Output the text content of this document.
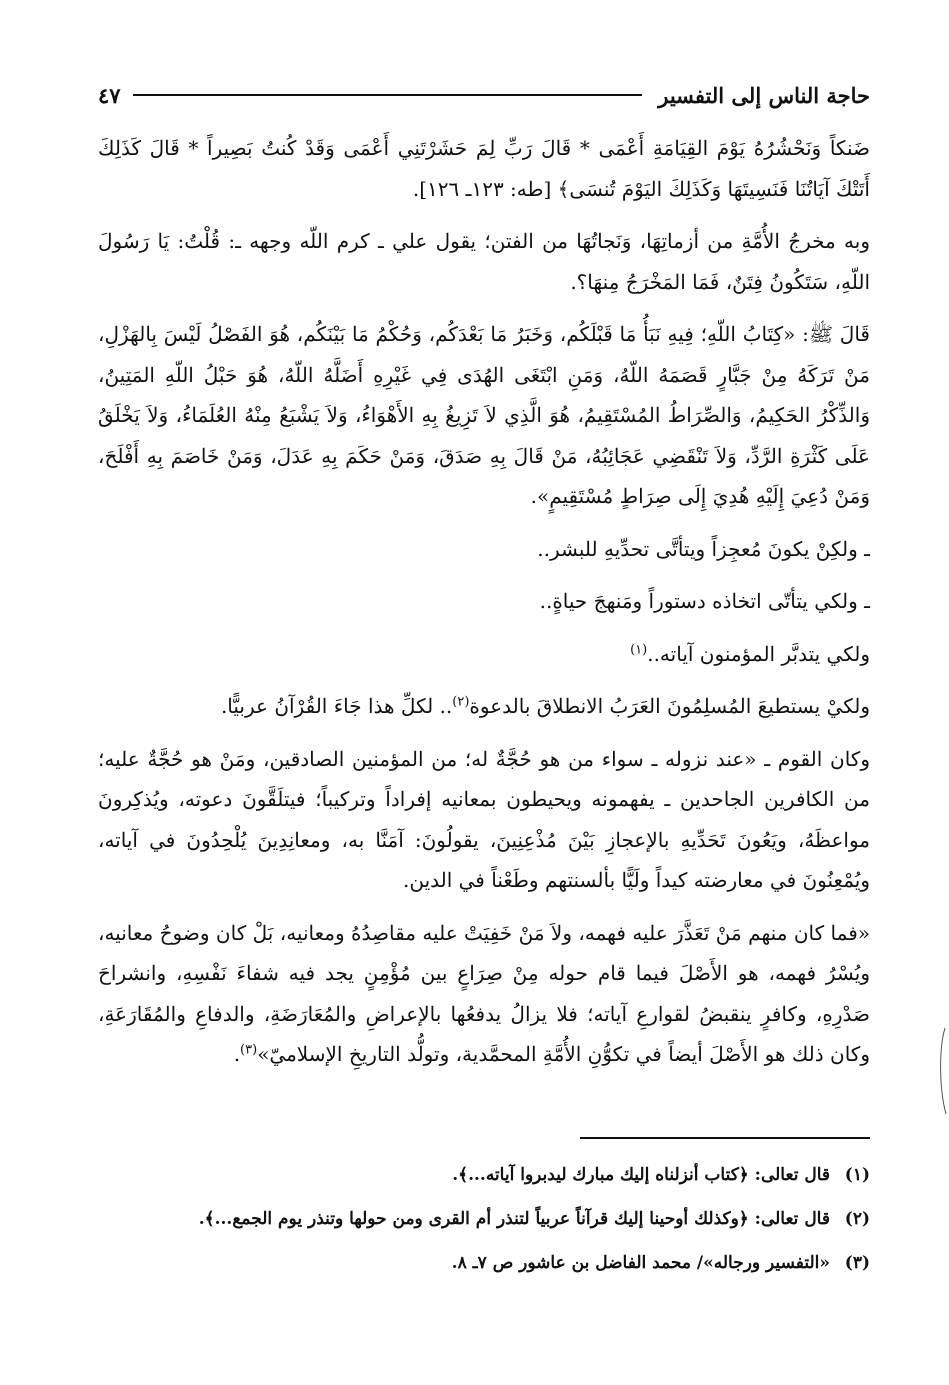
حاجة الناس إلى التفسير
٤٧

ضَنكاً وَنَحْشُرُهُ يَوْمَ القِيَامَةِ أَعْمَى * قَالَ رَبِّ لِمَ حَشَرْتَنِي أَعْمَى وَقَدْ كُنتُ بَصِيراً * قَالَ كَذَلِكَ أَتَتْكَ آيَاتُنَا فَنَسِيتَهَا وَكَذَلِكَ اليَوْمَ تُنسَى﴾ [طه: ١٢٣ـ ١٢٦].

وبه مخرجُ الأُمَّةِ من أزماتِهَا، وَنَجاتُهَا من الفتن؛ يقول علي ـ كرم اللّه وجهه ـ: قُلْتُ: يَا رَسُولَ اللّهِ، سَتَكُونُ فِتَنٌ، فَمَا المَخْرَجُ مِنهَا؟.

قَالَ ﷺ: «كِتَابُ اللّهِ؛ فِيهِ نَبَأُ مَا قَبْلَكُم، وَخَبَرُ مَا بَعْدَكُم، وَحُكْمُ مَا بَيْنَكُم، هُوَ الفَصْلُ لَيْسَ بِالهَزْلِ، مَنْ تَرَكَهُ مِنْ جَبَّارٍ قَصَمَهُ اللّهُ، وَمَنِ ابْتَغَى الهُدَى فِي غَيْرِهِ أَضَلَّهُ اللّهُ، هُوَ حَبْلُ اللّهِ المَتِينُ، وَالذِّكْرُ الحَكِيمُ، وَالصِّرَاطُ المُسْتَقِيمُ، هُوَ الَّذِي لاَ تَزِيغُ بِهِ الأَهْوَاءُ، وَلاَ يَشْبَعُ مِنْهُ العُلَمَاءُ، وَلاَ يَخْلَقُ عَلَى كَثْرَةِ الرَّدِّ، وَلاَ تَنْقَضِي عَجَائِبُهُ، مَنْ قَالَ بِهِ صَدَقَ، وَمَنْ حَكَمَ بِهِ عَدَلَ، وَمَنْ خَاصَمَ بِهِ أَفْلَحَ، وَمَنْ دُعِيَ إِلَيْهِ هُدِيَ إِلَى صِرَاطٍ مُسْتَقِيمٍ».

ـ ولكِنْ يكونَ مُعجِزاً ويتأتَّى تحدِّيهِ للبشر..

ـ ولكي يتأتّى اتخاذه دستوراً ومَنهجَ حياةٍ..

ولكي يتدبَّر المؤمنون آياته..$^{(١)}$

ولكيْ يستطيعَ المُسلِمُونَ العَرَبُ الانطلاقَ بالدعوة$^{(٢)}$.. لكلِّ هذا جَاءَ القُرْآنُ عربيًّا.

وكان القوم ـ «عند نزوله ـ سواء من هو حُجَّةٌ له؛ من المؤمنين الصادقين، ومَنْ هو حُجَّةٌ عليه؛ من الكافرين الجاحدين ـ يفهمونه ويحيطون بمعانيه إفراداً وتركيباً؛ فيتلَقَّونَ دعوته، ويُذكِرونَ مواعظَهُ، ويَعُونَ تَحَدِّيهِ بالإعجازِ بَيْنَ مُذْعِنِينَ، يقولُونَ: آمَنَّا به، ومعانِدِينَ يُلْحِدُونَ في آياته، ويُمْعِنُونَ في معارضته كيداً ولَيًّا بألسنتهم وطَعْناً في الدين.

«فما كان منهم مَنْ تَعَذَّرَ عليه فهمه، ولاَ مَنْ خَفِيَتْ عليه مقاصِدُهُ ومعانيه، بَلْ كان وضوحُ معانيه، ويُسْرُ فهمه، هو الأَصْلَ فيما قام حوله مِنْ صِرَاعٍ بين مُؤْمِنٍ يجد فيه شفاءَ نَفْسِهِ، وانشراحَ صَدْرِهِ، وكافرٍ ينقبضُ لقوارعِ آياته؛ فلا يزالُ يدفعُها بالإعراضِ والمُعَارَضَةِ، والدفاعِ والمُقَارَعَةِ، وكان ذلك هو الأَصْلَ أيضاً في تكوُّنِ الأُمَّةِ المحمَّدية، وتولُّد التاريخِ الإسلاميّ»$^{(٣)}$.

(١)
قال تعالى: ﴿كتاب أنزلناه إليك مبارك ليدبروا آياته...﴾.
(٢)
قال تعالى: ﴿وكذلك أوحينا إليك قرآناً عربياً لتنذر أم القرى ومن حولها وتنذر يوم الجمع...﴾.
(٣)
«التفسير ورجاله»/ محمد الفاضل بن عاشور ص ٧ـ ٨.
